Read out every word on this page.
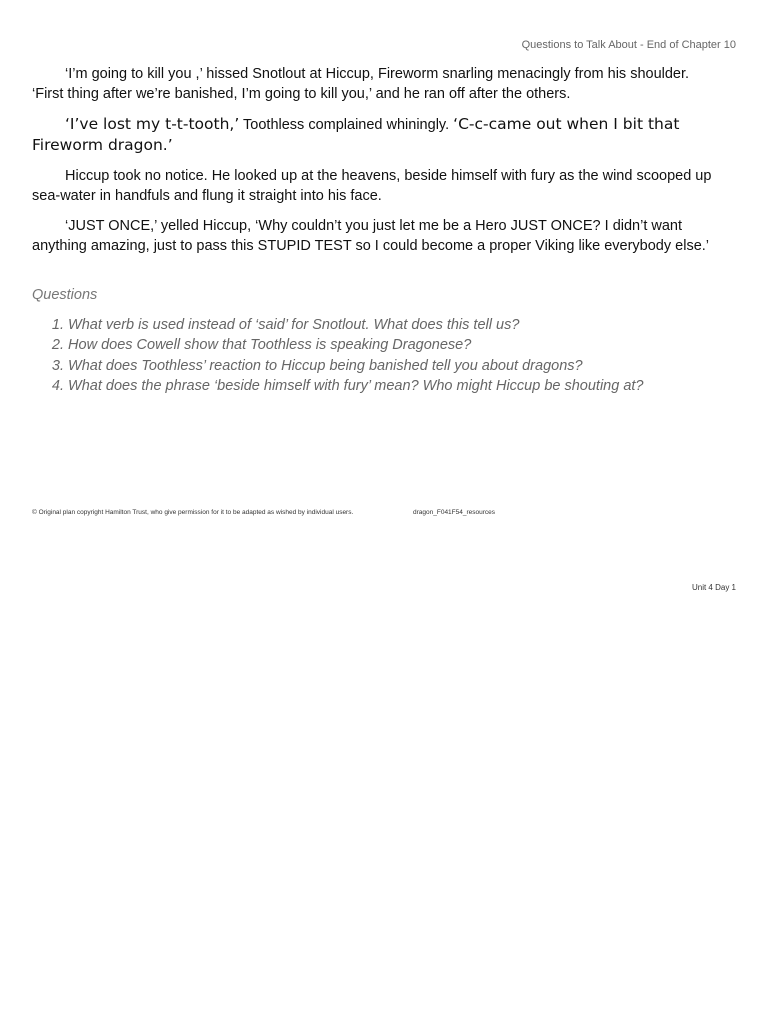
Questions to Talk About - End of Chapter 10

‘I’m going to kill you ,’ hissed Snotlout at Hiccup, Fireworm snarling menacingly from his shoulder. ‘First thing after we’re banished, I’m going to kill you,’ and he ran off after the others.

‘I’ve lost my t-t-tooth,’ Toothless complained whiningly. ‘C-c-came out when I bit that Fireworm dragon.’

Hiccup took no notice. He looked up at the heavens, beside himself with fury as the wind scooped up sea-water in handfuls and flung it straight into his face.

‘JUST ONCE,’ yelled Hiccup, ‘Why couldn’t you just let me be a Hero JUST ONCE? I didn’t want anything amazing, just to pass this STUPID TEST so I could become a proper Viking like everybody else.’

Questions
1. What verb is used instead of ‘said’ for Snotlout. What does this tell us?
2. How does Cowell show that Toothless is speaking Dragonese?
3. What does Toothless’ reaction to Hiccup being banished tell you about dragons?
4. What does the phrase ‘beside himself with fury’ mean? Who might Hiccup be shouting at?
© Original plan copyright Hamilton Trust, who give permission for it to be adapted as wished by individual users.	dragon_F041F54_resources
Unit 4 Day 1
